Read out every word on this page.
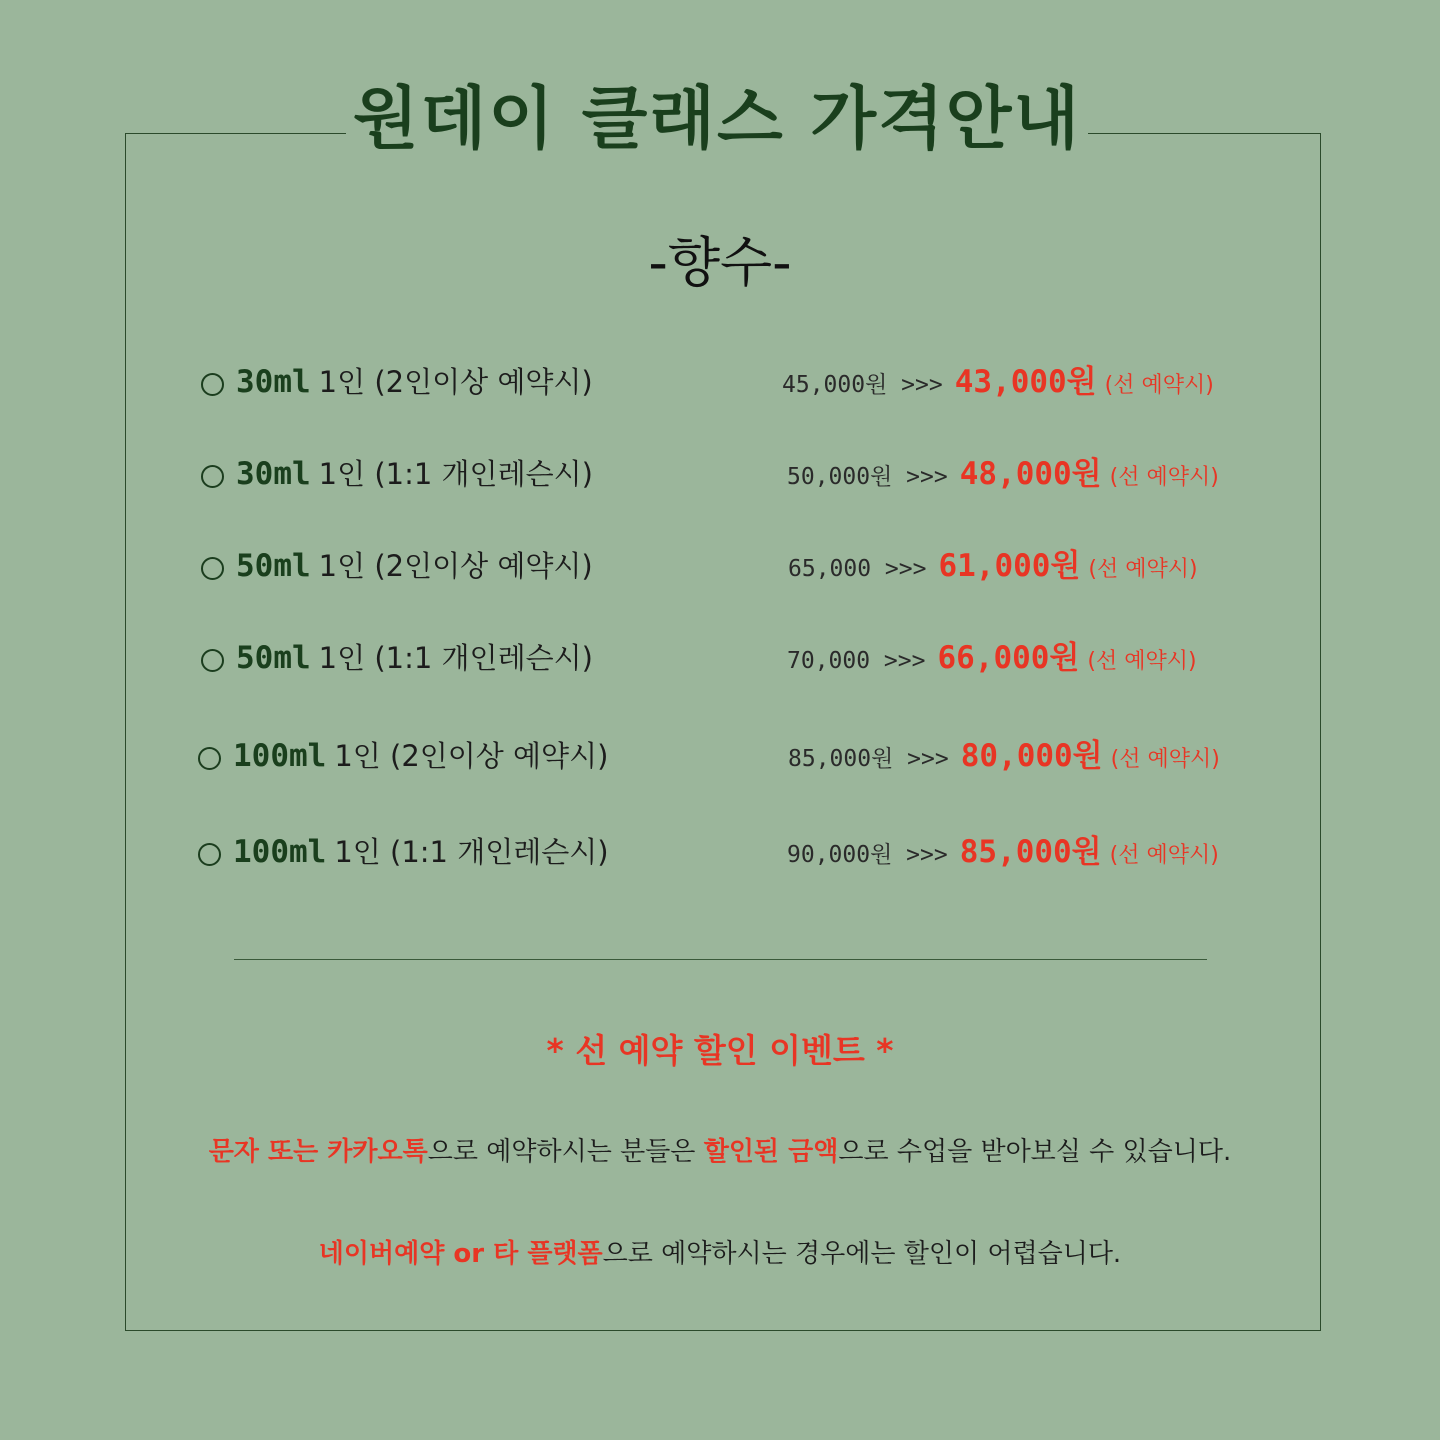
원데이 클래스 가격안내
-향수-
30ml 1인 (2인이상 예약시)	45,000원 >>> 43,000원 (선 예약시)
30ml 1인 (1:1 개인레슨시)	50,000원 >>> 48,000원 (선 예약시)
50ml 1인 (2인이상 예약시)	65,000 >>> 61,000원 (선 예약시)
50ml 1인 (1:1 개인레슨시)	70,000 >>> 66,000원 (선 예약시)
100ml 1인 (2인이상 예약시)	85,000원 >>> 80,000원 (선 예약시)
100ml 1인 (1:1 개인레슨시)	90,000원 >>> 85,000원 (선 예약시)
* 선 예약 할인 이벤트 *
문자 또는 카카오톡으로 예약하시는 분들은 할인된 금액으로 수업을 받아보실 수 있습니다.
네이버예약 or 타 플랫폼으로 예약하시는 경우에는 할인이 어렵습니다.
